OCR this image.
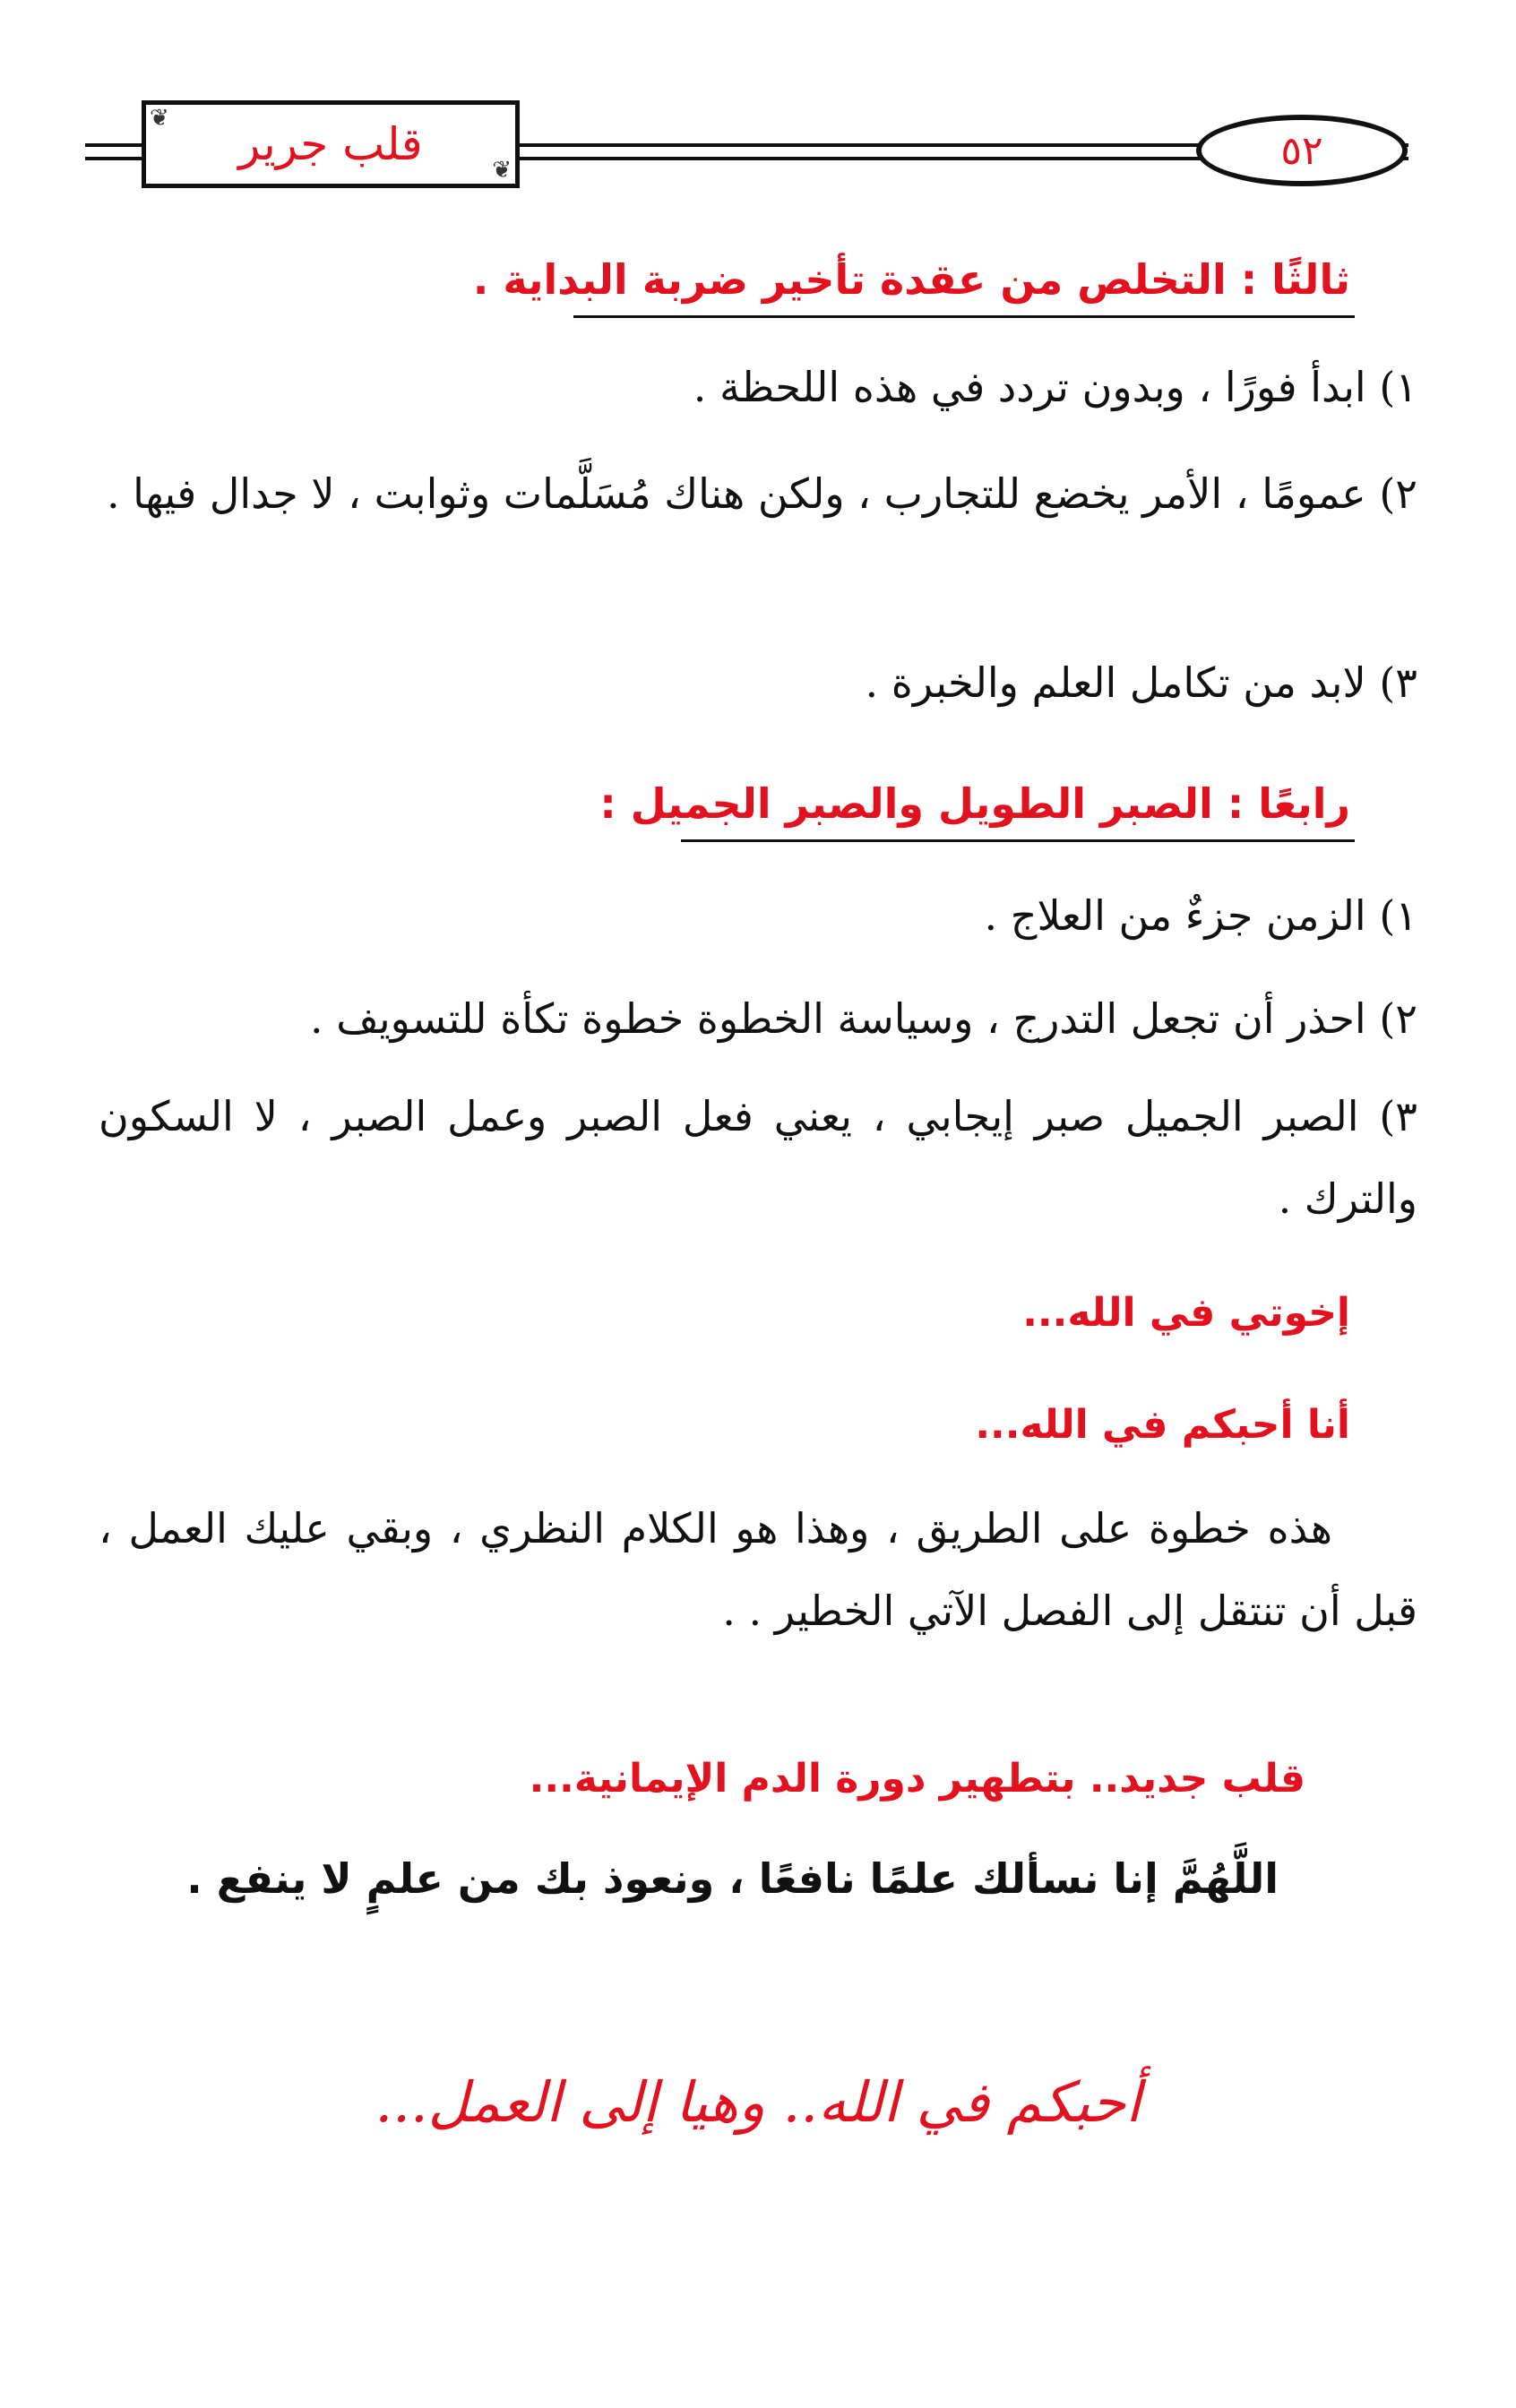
❦
❦
قلب جرير	٥٢
ثالثًا : التخلص من عقدة تأخير ضربة البداية .
١) ابدأ فورًا ، وبدون تردد في هذه اللحظة .
٢) عمومًا ، الأمر يخضع للتجارب ، ولكن هناك مُسَلَّمات وثوابت ، لا جدال فيها .
٣) لابد من تكامل العلم والخبرة .
رابعًا : الصبر الطويل والصبر الجميل :
١) الزمن جزءٌ من العلاج .
٢) احذر أن تجعل التدرج ، وسياسة الخطوة خطوة تكأة للتسويف .
٣) الصبر الجميل صبر إيجابي ، يعني فعل الصبر وعمل الصبر ، لا السكون والترك .
إخوتي في الله...
أنا أحبكم في الله...
هذه خطوة على الطريق ، وهذا هو الكلام النظري ، وبقي عليك العمل ، قبل أن تنتقل إلى الفصل الآتي الخطير . .
قلب جديد.. بتطهير دورة الدم الإيمانية...
اللَّهُمَّ إنا نسألك علمًا نافعًا ، ونعوذ بك من علمٍ لا ينفع .
أحبكم في الله.. وهيا إلى العمل...
